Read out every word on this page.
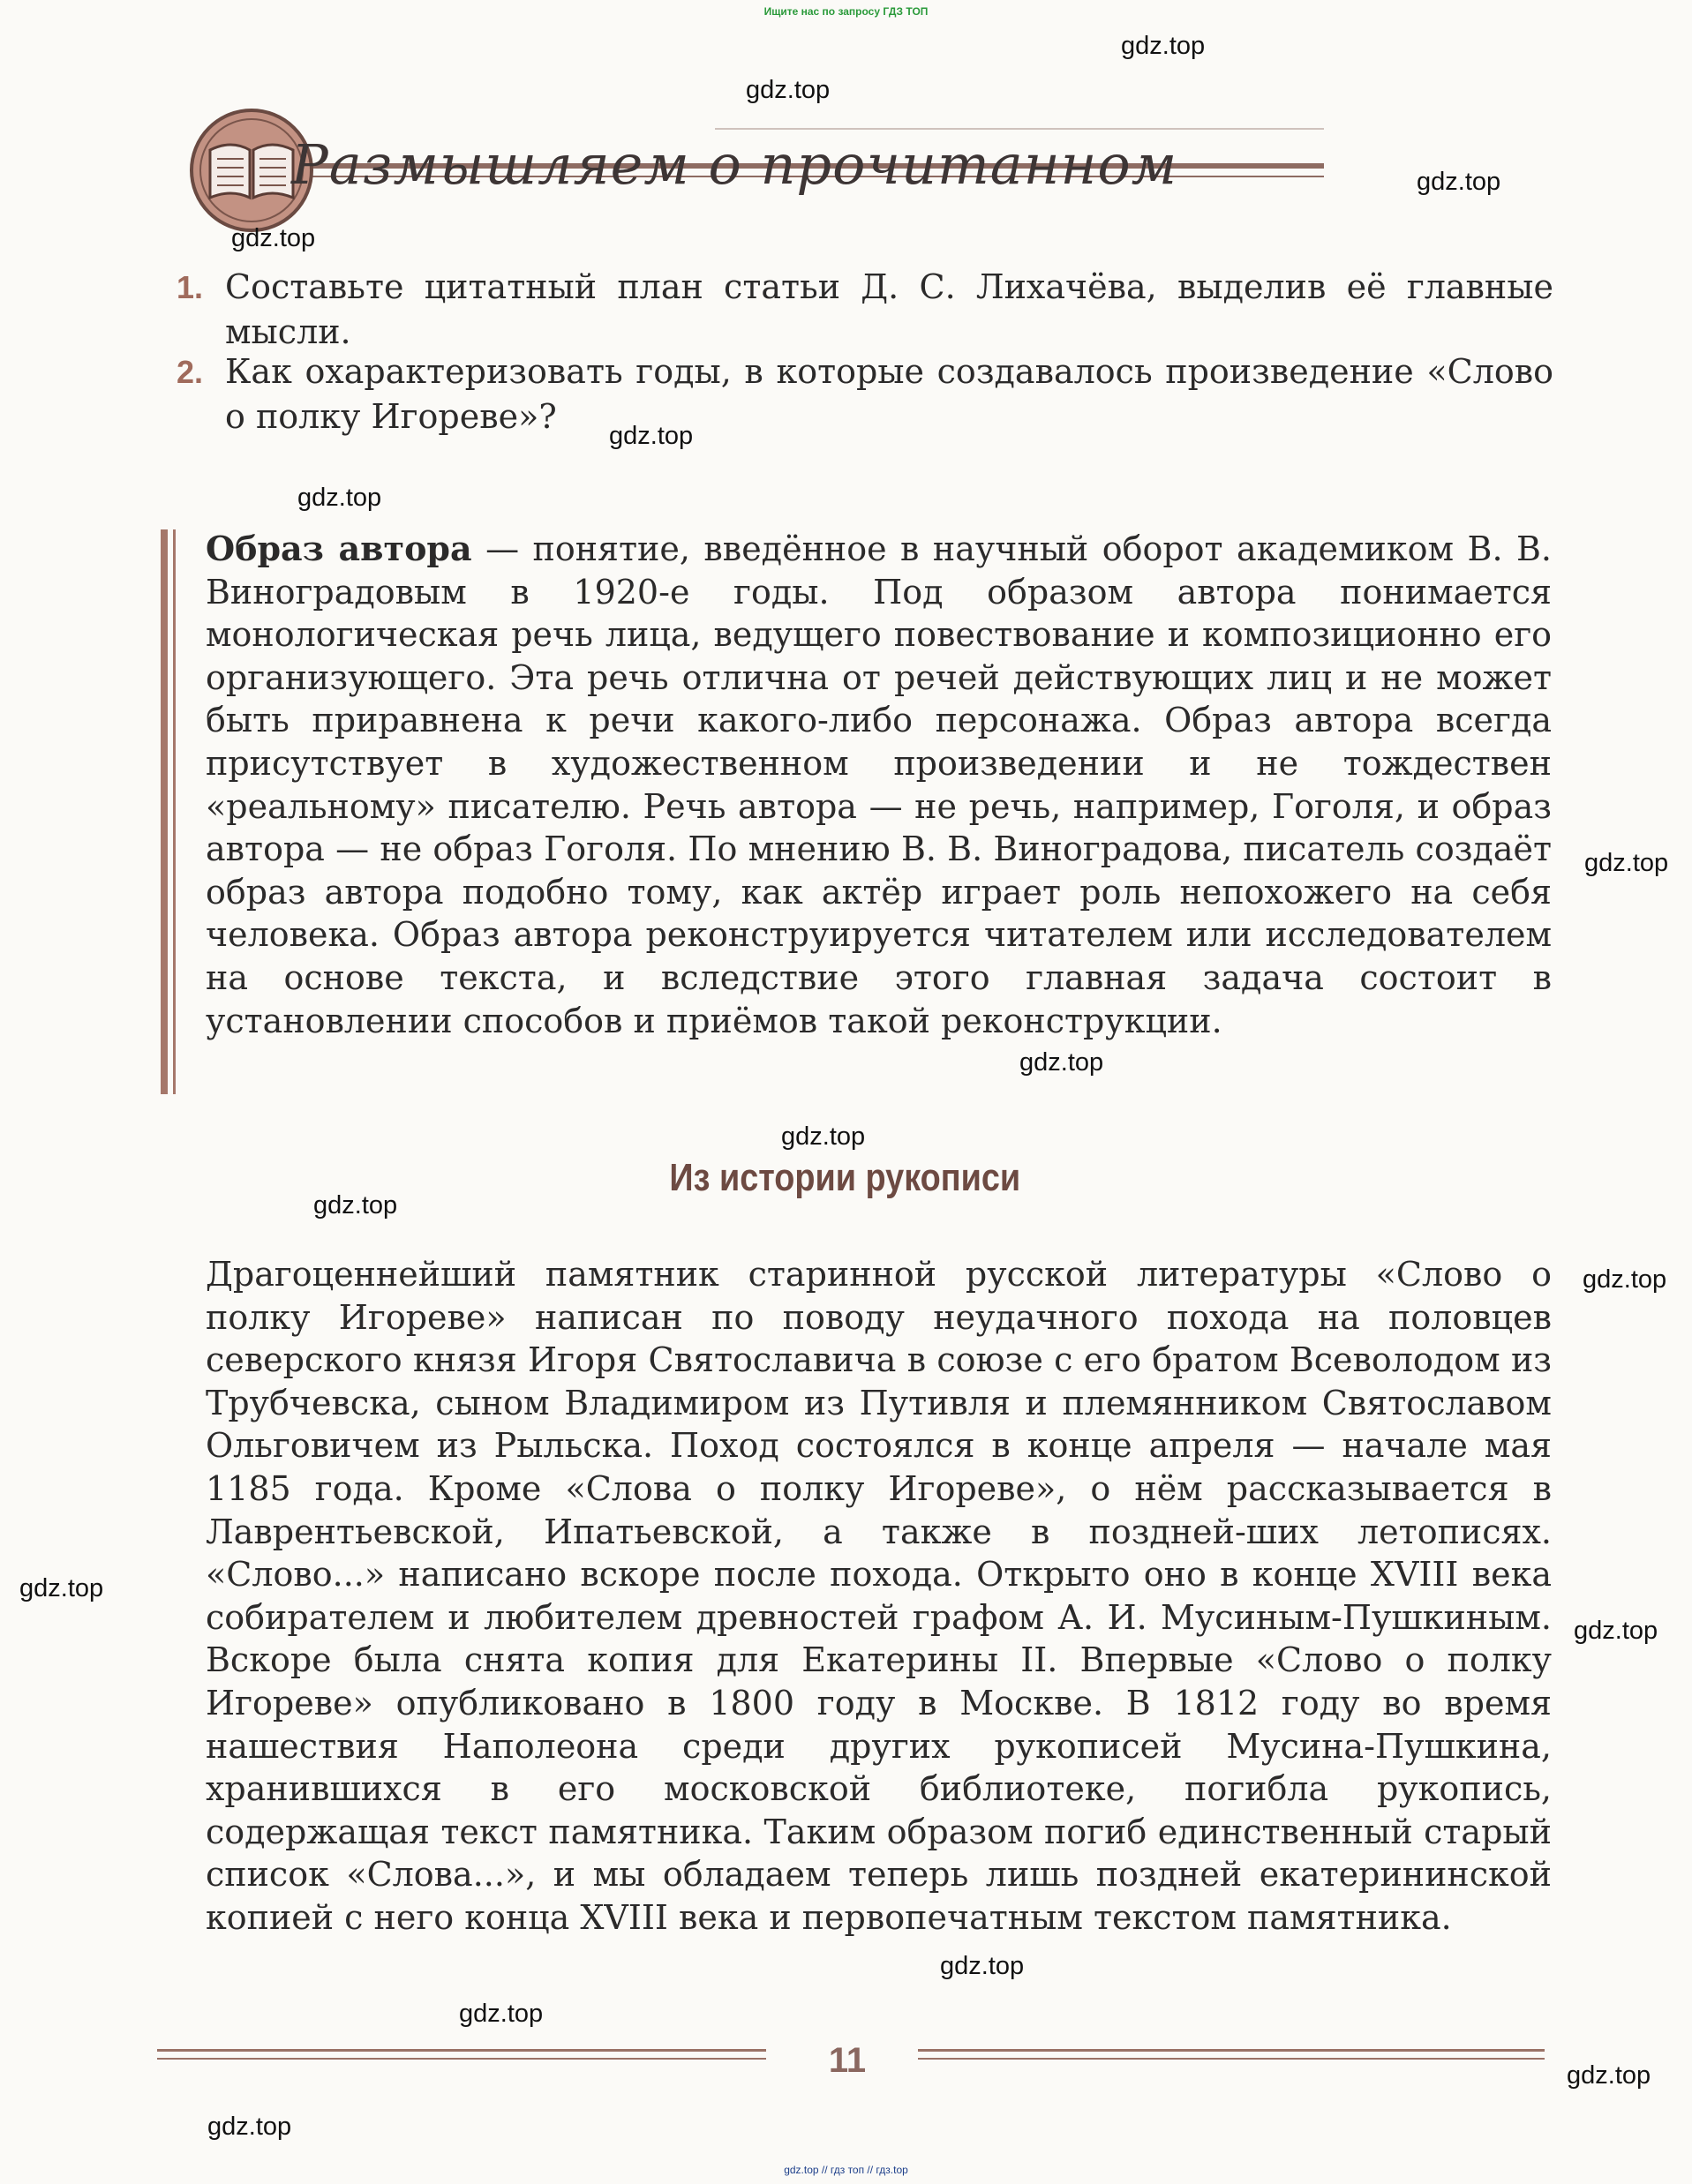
Ищите нас по запросу ГДЗ ТОП
Размышляем о прочитанном
1. Составьте цитатный план статьи Д. С. Лихачёва, выделив её главные мысли.
2. Как охарактеризовать годы, в которые создавалось произведение «Слово о полку Игореве»?
Образ автора — понятие, введённое в научный оборот академиком В. В. Виноградовым в 1920-е годы. Под образом автора понимается монологическая речь лица, ведущего повествование и композиционно его организующего. Эта речь отлична от речей действующих лиц и не может быть приравнена к речи какого-либо персонажа. Образ автора всегда присутствует в художественном произведении и не тождествен «реальному» писателю. Речь автора — не речь, например, Гоголя, и образ автора — не образ Гоголя. По мнению В. В. Виноградова, писатель создаёт образ автора подобно тому, как актёр играет роль непохожего на себя человека. Образ автора реконструируется читателем или исследователем на основе текста, и вследствие этого главная задача состоит в установлении способов и приёмов такой реконструкции.
Из истории рукописи

Драгоценнейший памятник старинной русской литературы «Слово о полку Игореве» написан по поводу неудачного похода на половцев северского князя Игоря Святославича в союзе с его братом Всеволодом из Трубчевска, сыном Владимиром из Путивля и племянником Святославом Ольговичем из Рыльска. Поход состоялся в конце апреля — начале мая 1185 года. Кроме «Слова о полку Игореве», о нём рассказывается в Лаврентьевской, Ипатьевской, а также в поздней-ших летописях. «Слово...» написано вскоре после похода. Открыто оно в конце XVIII века собирателем и любителем древностей графом А. И. Мусиным-Пушкиным. Вскоре была снята копия для Екатерины II. Впервые «Слово о полку Игореве» опубликовано в 1800 году в Москве. В 1812 году во время нашествия Наполеона среди других рукописей Мусина-Пушкина, хранившихся в его московской библиотеке, погибла рукопись, содержащая текст памятника. Таким образом погиб единственный старый список «Слова...», и мы обладаем теперь лишь поздней екатерининской копией с него конца XVIII века и первопечатным текстом памятника.

11
gdz.top
gdz.top
gdz.top
gdz.top
gdz.top
gdz.top
gdz.top
gdz.top
gdz.top
gdz.top
gdz.top
gdz.top
gdz.top
gdz.top
gdz.top
gdz.top
gdz.top
gdz.top // гдз топ // гдз.top
